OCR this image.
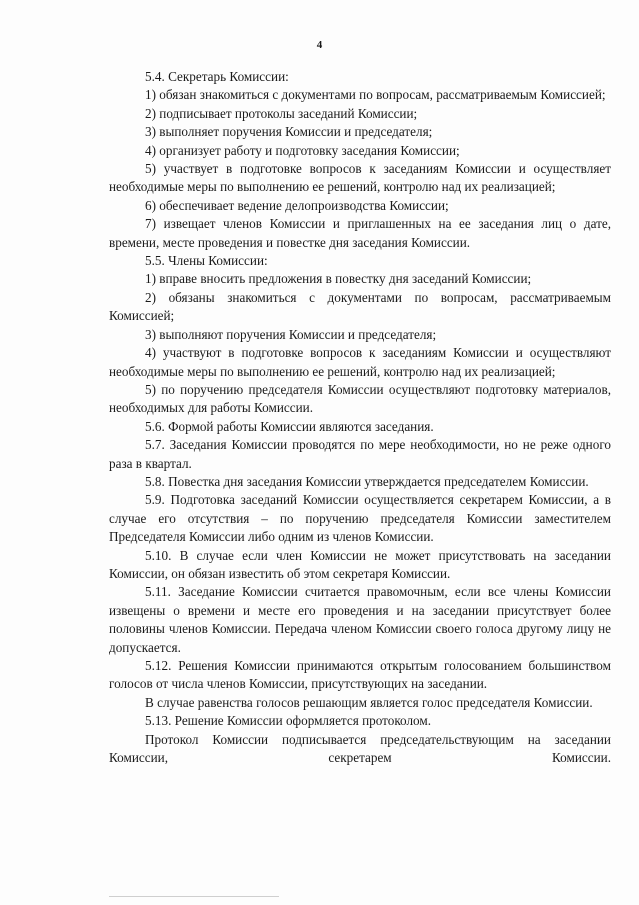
4

5.4. Секретарь Комиссии:

1) обязан знакомиться с документами по вопросам, рассматриваемым Комиссией;

2) подписывает протоколы заседаний Комиссии;

3) выполняет поручения Комиссии и председателя;

4) организует работу и подготовку заседания Комиссии;

5) участвует в подготовке вопросов к заседаниям Комиссии и осуществляет необходимые меры по выполнению ее решений, контролю над их реализацией;

6) обеспечивает ведение делопроизводства Комиссии;

7) извещает членов Комиссии и приглашенных на ее заседания лиц о дате, времени, месте проведения и повестке дня заседания Комиссии.

5.5. Члены Комиссии:

1) вправе вносить предложения в повестку дня заседаний Комиссии;

2) обязаны знакомиться с документами по вопросам, рассматриваемым Комиссией;

3) выполняют поручения Комиссии и председателя;

4) участвуют в подготовке вопросов к заседаниям Комиссии и осуществляют необходимые меры по выполнению ее решений, контролю над их реализацией;

5) по поручению председателя Комиссии осуществляют подготовку материалов, необходимых для работы Комиссии.

5.6. Формой работы Комиссии являются заседания.

5.7. Заседания Комиссии проводятся по мере необходимости, но не реже одного раза в квартал.

5.8. Повестка дня заседания Комиссии утверждается председателем Комиссии.

5.9. Подготовка заседаний Комиссии осуществляется секретарем Комиссии, а в случае его отсутствия – по поручению председателя Комиссии заместителем Председателя Комиссии либо одним из членов Комиссии.

5.10. В случае если член Комиссии не может присутствовать на заседании Комиссии, он обязан известить об этом секретаря Комиссии.

5.11. Заседание Комиссии считается правомочным, если все члены Комиссии извещены о времени и месте его проведения и на заседании присутствует более половины членов Комиссии. Передача членом Комиссии своего голоса другому лицу не допускается.

5.12. Решения Комиссии принимаются открытым голосованием большинством голосов от числа членов Комиссии, присутствующих на заседании.

В случае равенства голосов решающим является голос председателя Комиссии.

5.13. Решение Комиссии оформляется протоколом.

Протокол Комиссии подписывается председательствующим на заседании Комиссии, секретарем Комиссии.
